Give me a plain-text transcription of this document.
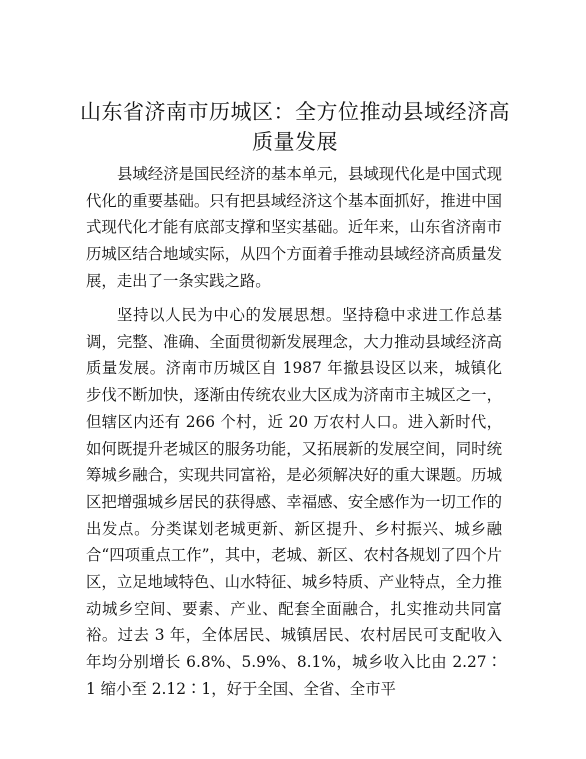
山东省济南市历城区：全方位推动县域经济高质量发展

县域经济是国民经济的基本单元，县域现代化是中国式现代化的重要基础。只有把县域经济这个基本面抓好，推进中国式现代化才能有底部支撑和坚实基础。近年来，山东省济南市历城区结合地域实际，从四个方面着手推动县域经济高质量发展，走出了一条实践之路。

坚持以人民为中心的发展思想。坚持稳中求进工作总基调，完整、准确、全面贯彻新发展理念，大力推动县域经济高质量发展。济南市历城区自 1987 年撤县设区以来，城镇化步伐不断加快，逐渐由传统农业大区成为济南市主城区之一，但辖区内还有 266 个村，近 20 万农村人口。进入新时代，如何既提升老城区的服务功能，又拓展新的发展空间，同时统筹城乡融合，实现共同富裕，是必须解决好的重大课题。历城区把增强城乡居民的获得感、幸福感、安全感作为一切工作的出发点。分类谋划老城更新、新区提升、乡村振兴、城乡融合“四项重点工作”，其中，老城、新区、农村各规划了四个片区，立足地域特色、山水特征、城乡特质、产业特点，全力推动城乡空间、要素、产业、配套全面融合，扎实推动共同富裕。过去 3 年，全体居民、城镇居民、农村居民可支配收入年均分别增长 6.8%、5.9%、8.1%，城乡收入比由 2.27∶1 缩小至 2.12∶1，好于全国、全省、全市平
